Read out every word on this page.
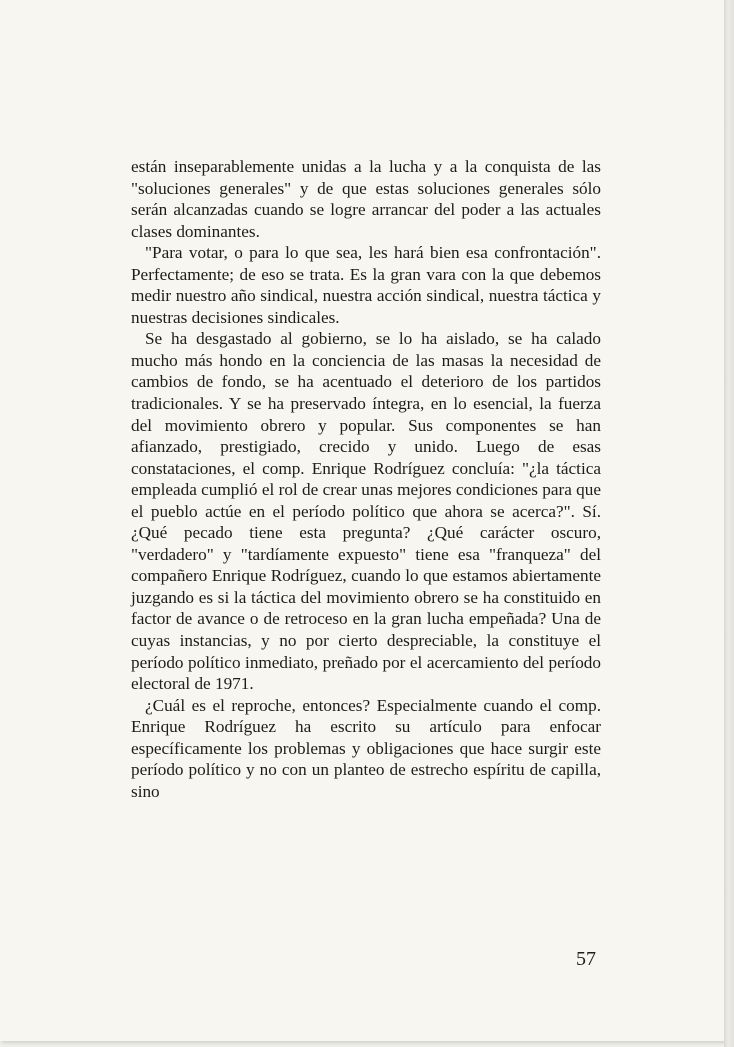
están inseparablemente unidas a la lucha y a la conquista de las "soluciones generales" y de que estas soluciones generales sólo serán alcanzadas cuando se logre arrancar del poder a las actuales clases dominantes.

"Para votar, o para lo que sea, les hará bien esa confrontación". Perfectamente; de eso se trata. Es la gran vara con la que debemos medir nuestro año sindical, nuestra acción sindical, nuestra táctica y nuestras decisiones sindicales.

Se ha desgastado al gobierno, se lo ha aislado, se ha calado mucho más hondo en la conciencia de las masas la necesidad de cambios de fondo, se ha acentuado el deterioro de los partidos tradicionales. Y se ha preservado íntegra, en lo esencial, la fuerza del movimiento obrero y popular. Sus componentes se han afianzado, prestigiado, crecido y unido. Luego de esas constataciones, el comp. Enrique Rodríguez concluía: "¿la táctica empleada cumplió el rol de crear unas mejores condiciones para que el pueblo actúe en el período político que ahora se acerca?". Sí. ¿Qué pecado tiene esta pregunta? ¿Qué carácter oscuro, "verdadero" y "tardíamente expuesto" tiene esa "franqueza" del compañero Enrique Rodríguez, cuando lo que estamos abiertamente juzgando es si la táctica del movimiento obrero se ha constituido en factor de avance o de retroceso en la gran lucha empeñada? Una de cuyas instancias, y no por cierto despreciable, la constituye el período político inmediato, preñado por el acercamiento del período electoral de 1971.

¿Cuál es el reproche, entonces? Especialmente cuando el comp. Enrique Rodríguez ha escrito su artículo para enfocar específicamente los problemas y obligaciones que hace surgir este período político y no con un planteo de estrecho espíritu de capilla, sino

57
